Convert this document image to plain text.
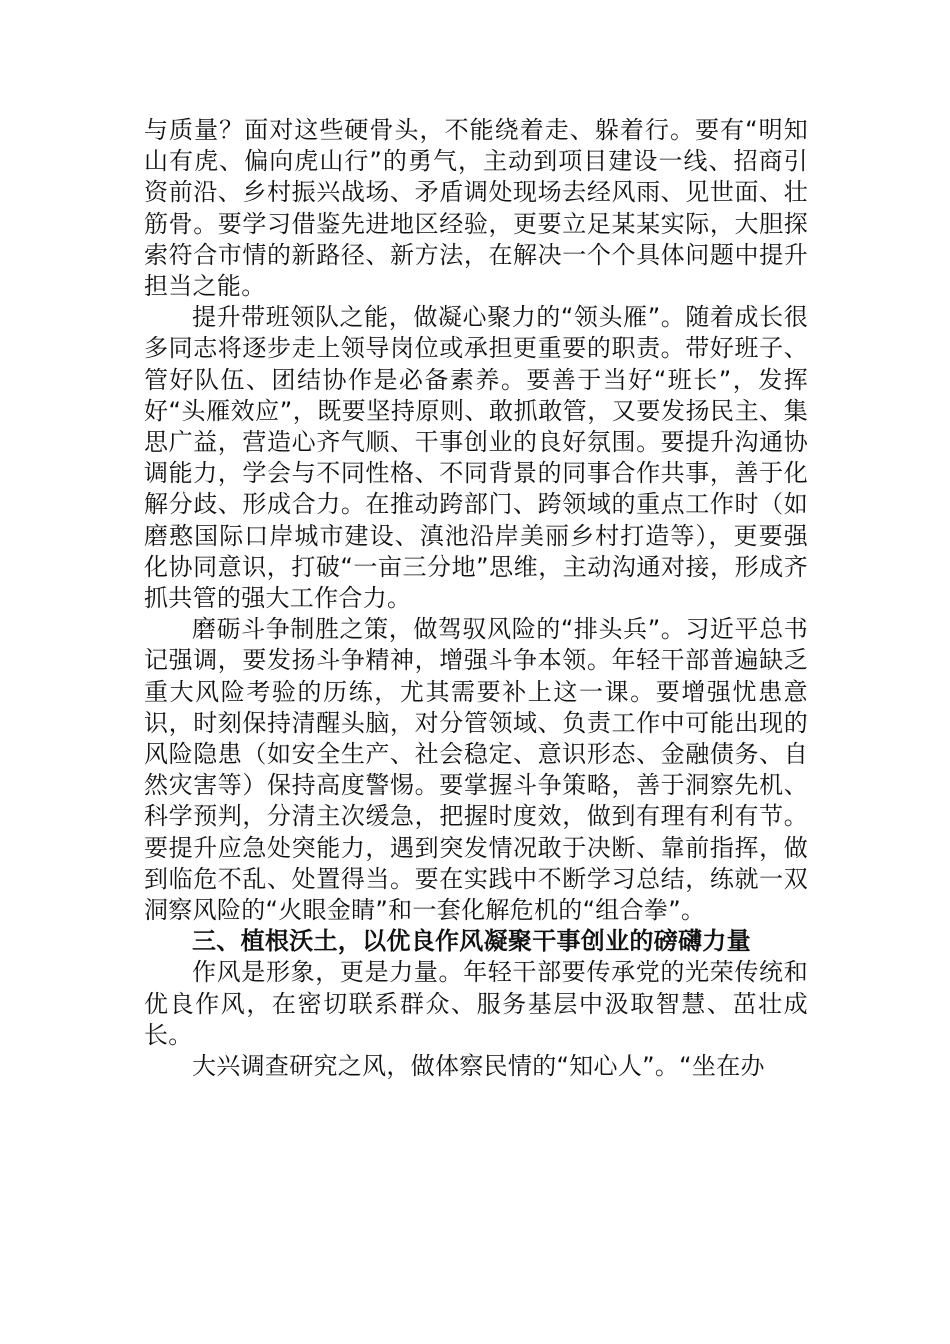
与质量？面对这些硬骨头，不能绕着走、躲着行。要有“明知山有虎、偏向虎山行”的勇气，主动到项目建设一线、招商引资前沿、乡村振兴战场、矛盾调处现场去经风雨、见世面、壮筋骨。要学习借鉴先进地区经验，更要立足某某实际，大胆探索符合市情的新路径、新方法，在解决一个个具体问题中提升担当之能。

提升带班领队之能，做凝心聚力的“领头雁”。随着成长很多同志将逐步走上领导岗位或承担更重要的职责。带好班子、管好队伍、团结协作是必备素养。要善于当好“班长”，发挥好“头雁效应”，既要坚持原则、敢抓敢管，又要发扬民主、集思广益，营造心齐气顺、干事创业的良好氛围。要提升沟通协调能力，学会与不同性格、不同背景的同事合作共事，善于化解分歧、形成合力。在推动跨部门、跨领域的重点工作时（如磨憨国际口岸城市建设、滇池沿岸美丽乡村打造等），更要强化协同意识，打破“一亩三分地”思维，主动沟通对接，形成齐抓共管的强大工作合力。

磨砺斗争制胜之策，做驾驭风险的“排头兵”。习近平总书记强调，要发扬斗争精神，增强斗争本领。年轻干部普遍缺乏重大风险考验的历练，尤其需要补上这一课。要增强忧患意识，时刻保持清醒头脑，对分管领域、负责工作中可能出现的风险隐患（如安全生产、社会稳定、意识形态、金融债务、自然灾害等）保持高度警惕。要掌握斗争策略，善于洞察先机、科学预判，分清主次缓急，把握时度效，做到有理有利有节。要提升应急处突能力，遇到突发情况敢于决断、靠前指挥，做到临危不乱、处置得当。要在实践中不断学习总结，练就一双洞察风险的“火眼金睛”和一套化解危机的“组合拳”。

三、植根沃土，以优良作风凝聚干事创业的磅礴力量

作风是形象，更是力量。年轻干部要传承党的光荣传统和优良作风，在密切联系群众、服务基层中汲取智慧、茁壮成长。

大兴调查研究之风，做体察民情的“知心人”。“坐在办
